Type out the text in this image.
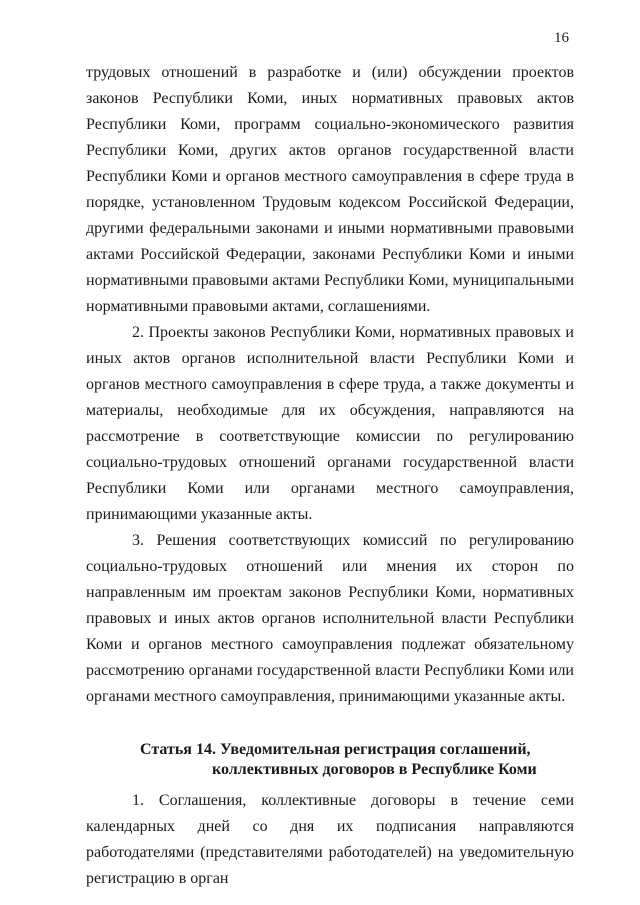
16

трудовых отношений в разработке и (или) обсуждении проектов законов Республики Коми, иных нормативных правовых актов Республики Коми, программ социально-экономического развития Республики Коми, других актов органов государственной власти Республики Коми и органов местного самоуправления в сфере труда в порядке, установленном Трудовым кодексом Российской Федерации, другими федеральными законами и иными нормативными правовыми актами Российской Федерации, законами Республики Коми и иными нормативными правовыми актами Республики Коми, муниципальными нормативными правовыми актами, соглашениями.

2. Проекты законов Республики Коми, нормативных правовых и иных актов органов исполнительной власти Республики Коми и органов местного самоуправления в сфере труда, а также документы и материалы, необходимые для их обсуждения, направляются на рассмотрение в соответствующие комиссии по регулированию социально-трудовых отношений органами государственной власти Республики Коми или органами местного самоуправления, принимающими указанные акты.

3. Решения соответствующих комиссий по регулированию социально-трудовых отношений или мнения их сторон по направленным им проектам законов Республики Коми, нормативных правовых и иных актов органов исполнительной власти Республики Коми и органов местного самоуправления подлежат обязательному рассмотрению органами государственной власти Республики Коми или органами местного самоуправления, принимающими указанные акты.

Статья 14. Уведомительная регистрация соглашений,
коллективных договоров в Республике Коми

1. Соглашения, коллективные договоры в течение семи календарных дней со дня их подписания направляются работодателями (представителями работодателей) на уведомительную регистрацию в орган
